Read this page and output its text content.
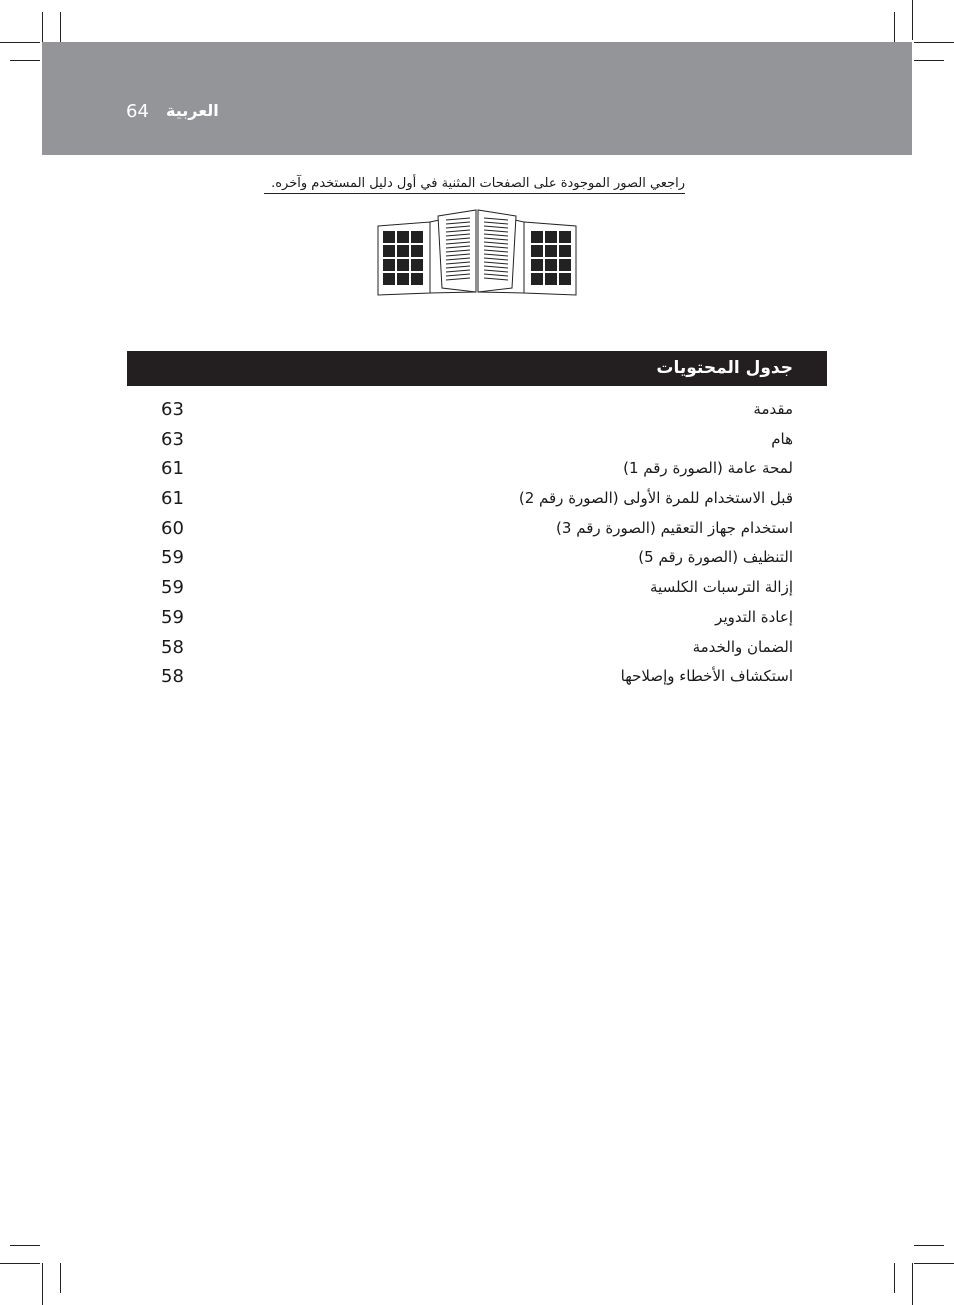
64 العربية
راجعي الصور الموجودة على الصفحات المثنية في أول دليل المستخدم وآخره.
جدول المحتويات
مقدمة
63
هام
63
لمحة عامة (الصورة رقم 1)
61
قبل الاستخدام للمرة الأولى (الصورة رقم 2)
61
استخدام جهاز التعقيم (الصورة رقم 3)
60
التنظيف (الصورة رقم 5)
59
إزالة الترسبات الكلسية
59
إعادة التدوير
59
الضمان والخدمة
58
استكشاف الأخطاء وإصلاحها
58
